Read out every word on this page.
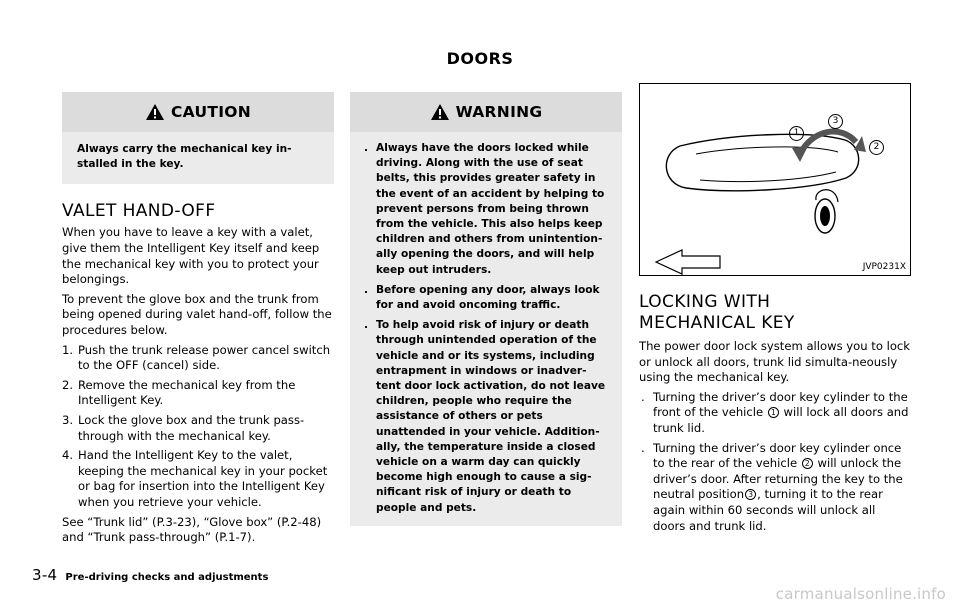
DOORS
CAUTION
Always carry the mechanical key in-stalled in the key.
VALET HAND-OFF
When you have to leave a key with a valet, give them the Intelligent Key itself and keep the mechanical key with you to protect your belongings.
To prevent the glove box and the trunk from being opened during valet hand-off, follow the procedures below.
1. Push the trunk release power cancel switch to the OFF (cancel) side.
2. Remove the mechanical key from the Intelligent Key.
3. Lock the glove box and the trunk pass-through with the mechanical key.
4. Hand the Intelligent Key to the valet, keeping the mechanical key in your pocket or bag for insertion into the Intelligent Key when you retrieve your vehicle.
See “Trunk lid” (P.3-23), “Glove box” (P.2-48) and “Trunk pass-through” (P.1-7).
WARNING
. Always have the doors locked while driving. Along with the use of seat belts, this provides greater safety in the event of an accident by helping to prevent persons from being thrown from the vehicle. This also helps keep children and others from unintention-ally opening the doors, and will help keep out intruders.
. Before opening any door, always look for and avoid oncoming traffic.
. To help avoid risk of injury or death through unintended operation of the vehicle and or its systems, including entrapment in windows or inadver-tent door lock activation, do not leave children, people who require the assistance of others or pets unattended in your vehicle. Addition-ally, the temperature inside a closed vehicle on a warm day can quickly become high enough to cause a sig-nificant risk of injury or death to people and pets.
1
2
3
JVP0231X
LOCKING WITH MECHANICAL KEY
The power door lock system allows you to lock or unlock all doors, trunk lid simulta-neously using the mechanical key.
. Turning the driver’s door key cylinder to the front of the vehicle 1 will lock all doors and trunk lid.
. Turning the driver’s door key cylinder once to the rear of the vehicle 2 will unlock the driver’s door. After returning the key to the neutral position 3 , turning it to the rear again within 60 seconds will unlock all doors and trunk lid.
3-4 Pre-driving checks and adjustments
carmanualsonline.info
